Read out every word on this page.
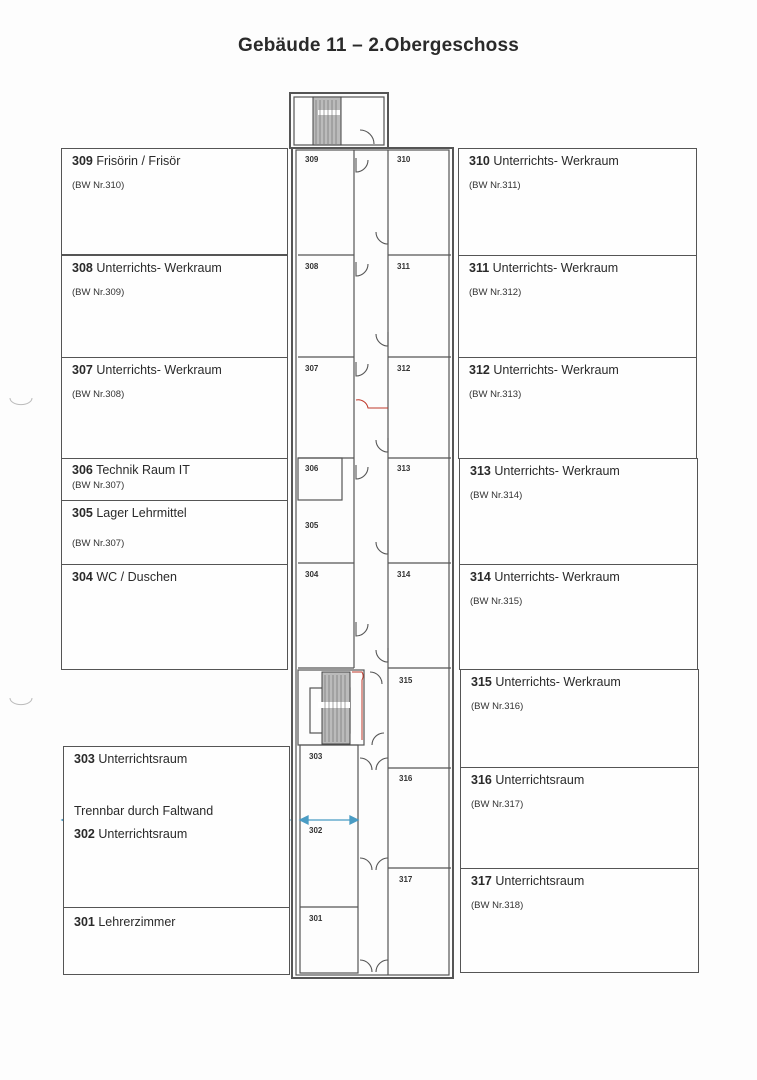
Gebäude 11 – 2.Obergeschoss
309
308
307
306
305
304
303
302
301
310
311
312
313
314
315
316
317
309 Frisörin / Frisör
(BW Nr.310)
308 Unterrichts- Werkraum
(BW Nr.309)
307 Unterrichts- Werkraum
(BW Nr.308)
306 Technik Raum IT
(BW Nr.307)
305 Lager Lehrmittel
(BW Nr.307)
304 WC / Duschen
303 Unterrichtsraum
Trennbar durch Faltwand
302 Unterrichtsraum
301 Lehrerzimmer
310 Unterrichts- Werkraum
(BW Nr.311)
311 Unterrichts- Werkraum
(BW Nr.312)
312 Unterrichts- Werkraum
(BW Nr.313)
313 Unterrichts- Werkraum
(BW Nr.314)
314 Unterrichts- Werkraum
(BW Nr.315)
315 Unterrichts- Werkraum
(BW Nr.316)
316 Unterrichtsraum
(BW Nr.317)
317 Unterrichtsraum
(BW Nr.318)
